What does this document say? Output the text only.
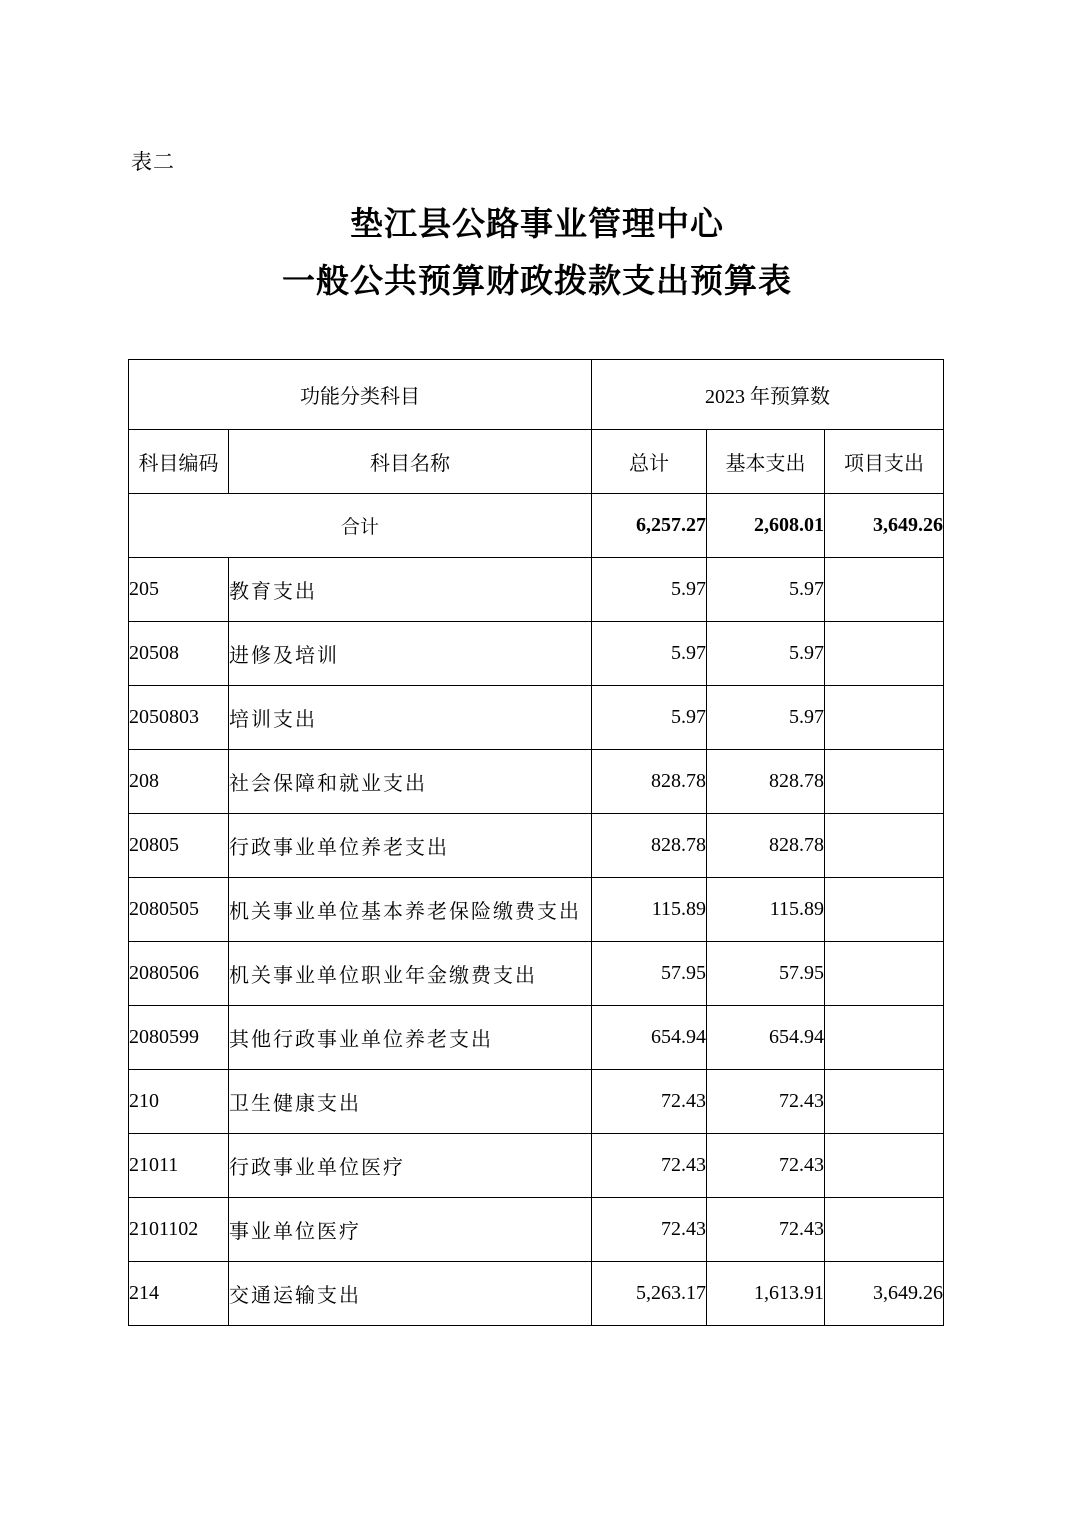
表二
垫江县公路事业管理中心
一般公共预算财政拨款支出预算表
功能分类科目		2023 年预算数		
科目编码	科目名称	总计	基本支出	项目支出
合计		6,257.27	2,608.01	3,649.26
205	教育支出	5.97	5.97	
20508	进修及培训	5.97	5.97	
2050803	培训支出	5.97	5.97	
208	社会保障和就业支出	828.78	828.78	
20805	行政事业单位养老支出	828.78	828.78	
2080505	机关事业单位基本养老保险缴费支出	115.89	115.89	
2080506	机关事业单位职业年金缴费支出	57.95	57.95	
2080599	其他行政事业单位养老支出	654.94	654.94	
210	卫生健康支出	72.43	72.43	
21011	行政事业单位医疗	72.43	72.43	
2101102	事业单位医疗	72.43	72.43	
214	交通运输支出	5,263.17	1,613.91	3,649.26
